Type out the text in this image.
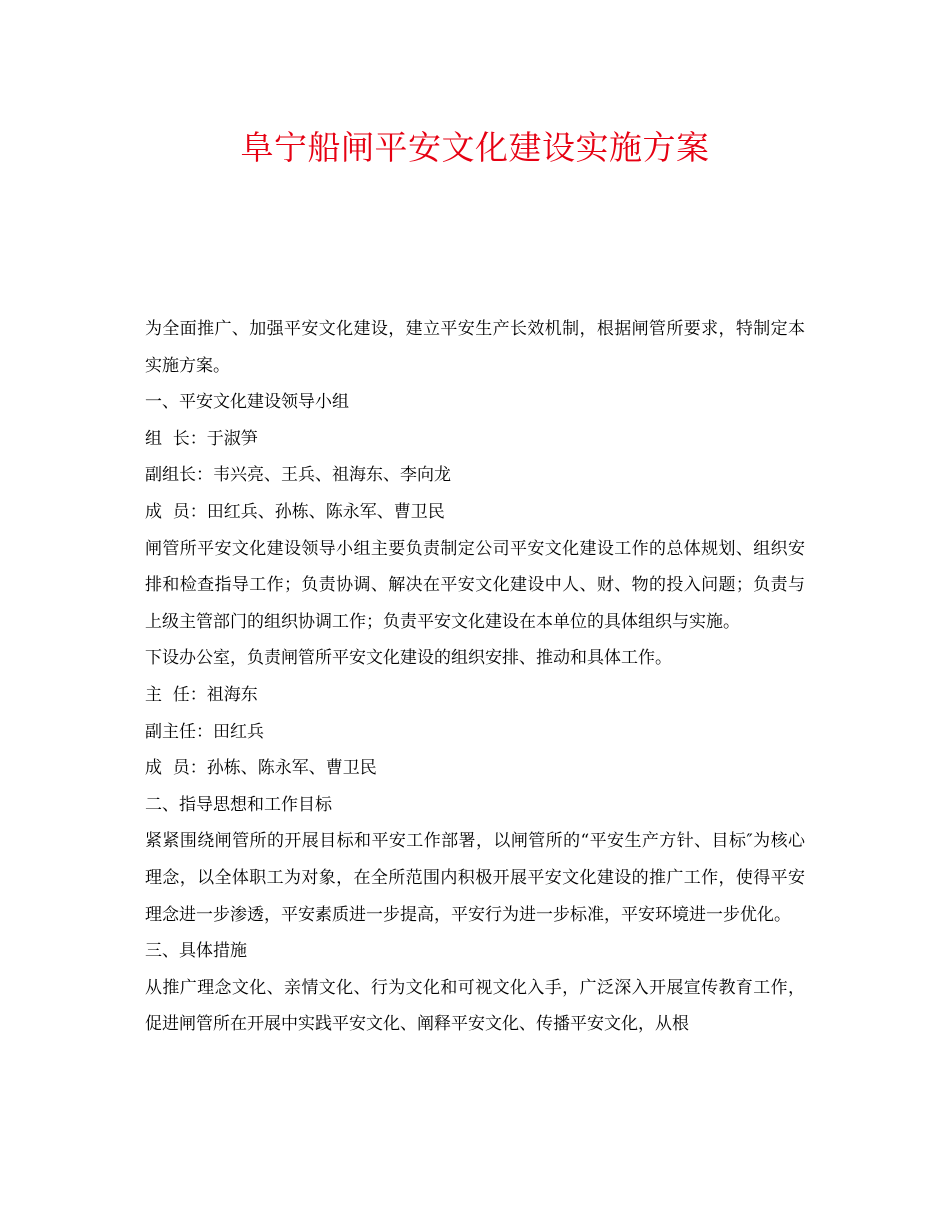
阜宁船闸平安文化建设实施方案

为全面推广、加强平安文化建设，建立平安生产长效机制，根据闸管所要求，特制定本实施方案。

一、平安文化建设领导小组

组  长：于淑笋

副组长：韦兴亮、王兵、祖海东、李向龙

成  员：田红兵、孙栋、陈永军、曹卫民

闸管所平安文化建设领导小组主要负责制定公司平安文化建设工作的总体规划、组织安排和检查指导工作；负责协调、解决在平安文化建设中人、财、物的投入问题；负责与上级主管部门的组织协调工作；负责平安文化建设在本单位的具体组织与实施。

下设办公室，负责闸管所平安文化建设的组织安排、推动和具体工作。

主  任：祖海东

副主任：田红兵

成  员：孙栋、陈永军、曹卫民

二、指导思想和工作目标

紧紧围绕闸管所的开展目标和平安工作部署，以闸管所的“平安生产方针、目标″为核心理念，以全体职工为对象，在全所范围内积极开展平安文化建设的推广工作，使得平安理念进一步渗透，平安素质进一步提高，平安行为进一步标准，平安环境进一步优化。

三、具体措施

从推广理念文化、亲情文化、行为文化和可视文化入手，广泛深入开展宣传教育工作，促进闸管所在开展中实践平安文化、阐释平安文化、传播平安文化，从根
